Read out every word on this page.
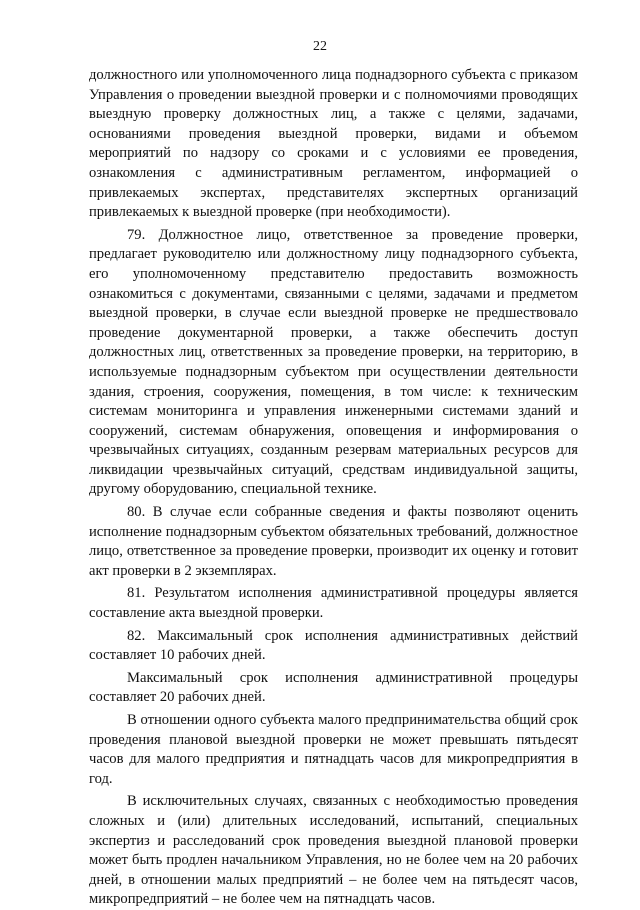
22

должностного или уполномоченного лица поднадзорного субъекта с приказом Управления о проведении выездной проверки и с полномочиями проводящих выездную проверку должностных лиц, а также с целями, задачами, основаниями проведения выездной проверки, видами и объемом мероприятий по надзору со сроками и с условиями ее проведения, ознакомления с административным регламентом, информацией о привлекаемых экспертах, представителях экспертных организаций привлекаемых к выездной проверке (при необходимости).

79. Должностное лицо, ответственное за проведение проверки, предлагает руководителю или должностному лицу поднадзорного субъекта, его уполномоченному представителю предоставить возможность ознакомиться с документами, связанными с целями, задачами и предметом выездной проверки, в случае если выездной проверке не предшествовало проведение документарной проверки, а также обеспечить доступ должностных лиц, ответственных за проведение проверки, на территорию, в используемые поднадзорным субъектом при осуществлении деятельности здания, строения, сооружения, помещения, в том числе: к техническим системам мониторинга и управления инженерными системами зданий и сооружений, системам обнаружения, оповещения и информирования о чрезвычайных ситуациях, созданным резервам материальных ресурсов для ликвидации чрезвычайных ситуаций, средствам индивидуальной защиты, другому оборудованию, специальной технике.

80. В случае если собранные сведения и факты позволяют оценить исполнение поднадзорным субъектом обязательных требований, должностное лицо, ответственное за проведение проверки, производит их оценку и готовит акт проверки в 2 экземплярах.

81. Результатом исполнения административной процедуры является составление акта выездной проверки.

82. Максимальный срок исполнения административных действий составляет 10 рабочих дней.

Максимальный срок исполнения административной процедуры составляет 20 рабочих дней.

В отношении одного субъекта малого предпринимательства общий срок проведения плановой выездной проверки не может превышать пятьдесят часов для малого предприятия и пятнадцать часов для микропредприятия в год.

В исключительных случаях, связанных с необходимостью проведения сложных и (или) длительных исследований, испытаний, специальных экспертиз и расследований срок проведения выездной плановой проверки может быть продлен начальником Управления, но не более чем на 20 рабочих дней, в отношении малых предприятий – не более чем на пятьдесят часов, микропредприятий – не более чем на пятнадцать часов.
